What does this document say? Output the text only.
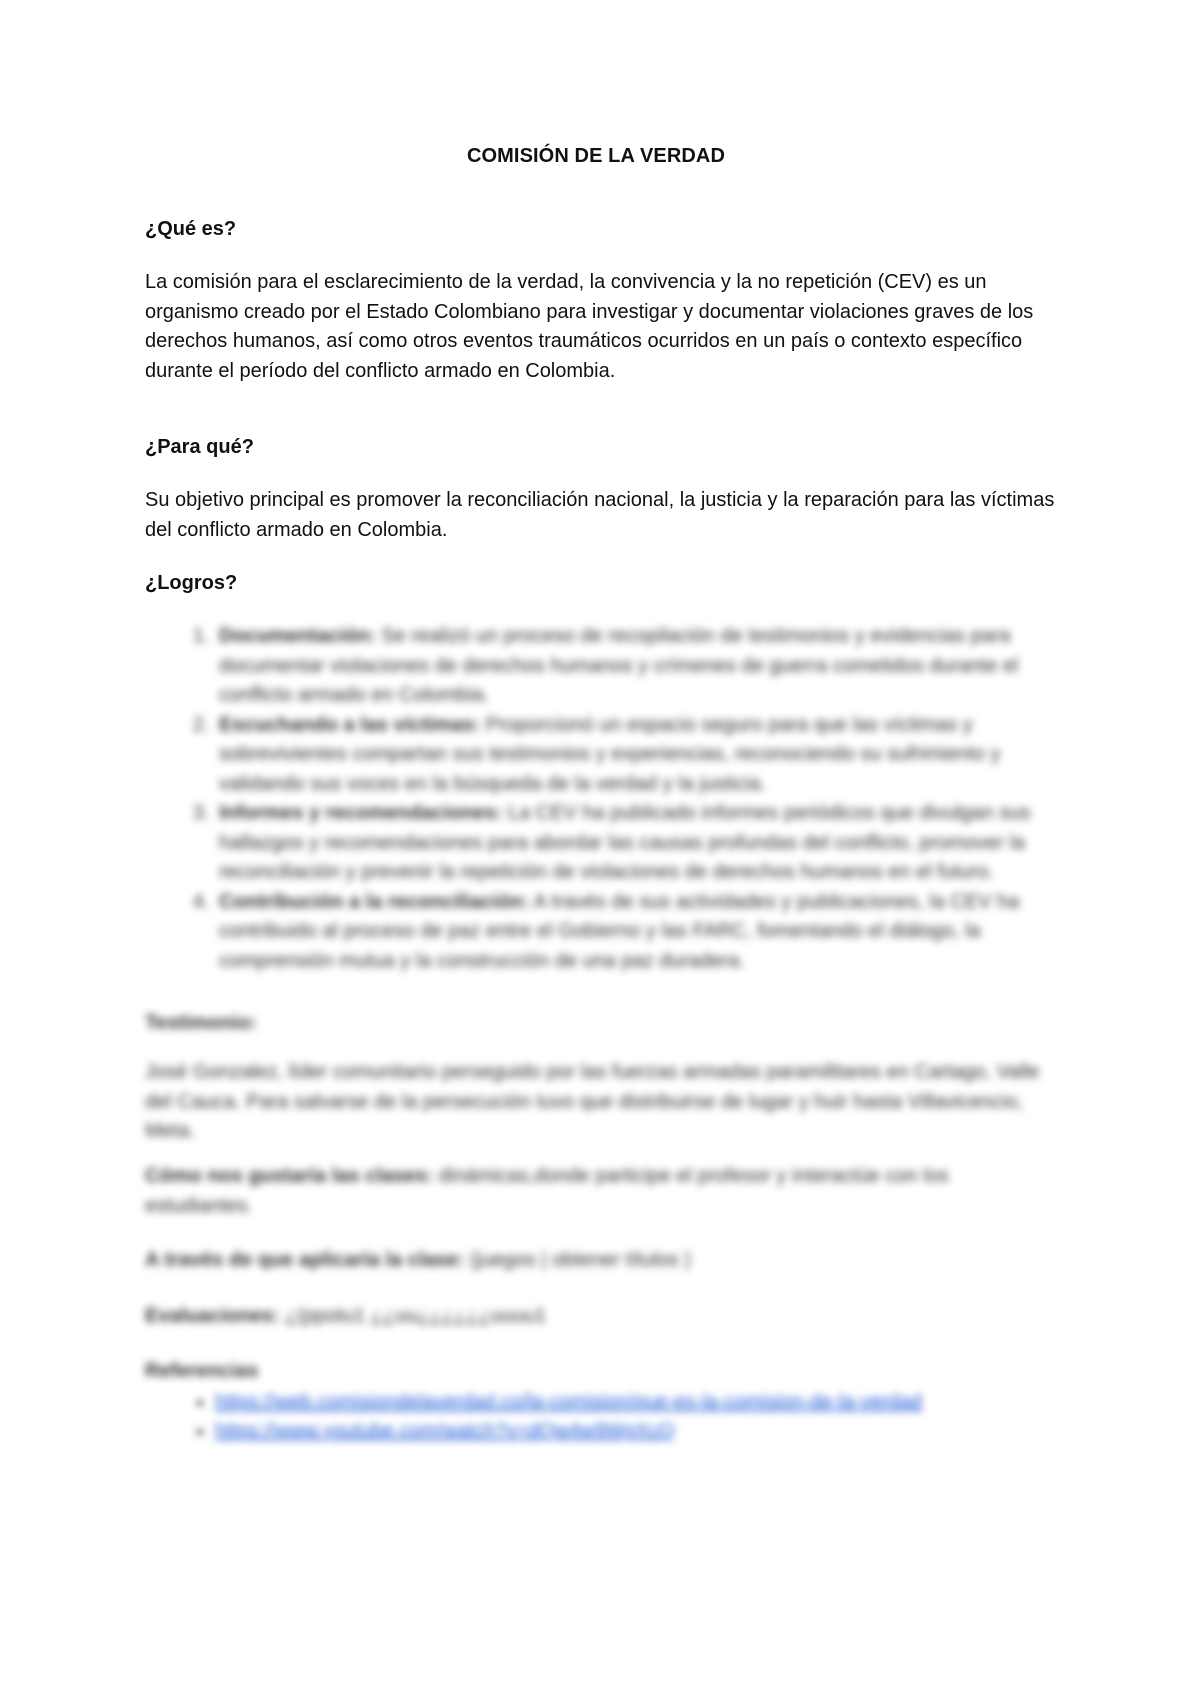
COMISIÓN DE LA VERDAD
¿Qué es?
La comisión para el esclarecimiento de la verdad, la convivencia y la no repetición (CEV) es un organismo creado por el Estado Colombiano para investigar y documentar violaciones graves de los derechos humanos, así como otros eventos traumáticos ocurridos en un país o contexto específico durante el período del conflicto armado en Colombia.
¿Para qué?
Su objetivo principal es promover la reconciliación nacional, la justicia y la reparación para las víctimas del conflicto armado en Colombia.
¿Logros?
1. Documentación: Se realizó un proceso de recopilación de testimonios y evidencias para documentar violaciones de derechos humanos y crímenes de guerra cometidos durante el conflicto armado en Colombia.
2. Escuchando a las víctimas: Proporcionó un espacio seguro para que las víctimas y sobrevivientes compartan sus testimonios y experiencias, reconociendo su sufrimiento y validando sus voces en la búsqueda de la verdad y la justicia.
3. Informes y recomendaciones: La CEV ha publicado informes periódicos que divulgan sus hallazgos y recomendaciones para abordar las causas profundas del conflicto, promover la reconciliación y prevenir la repetición de violaciones de derechos humanos en el futuro.
4. Contribución a la reconciliación: A través de sus actividades y publicaciones, la CEV ha contribuido al proceso de paz entre el Gobierno y las FARC, fomentando el diálogo, la comprensión mutua y la construcción de una paz duradera.
Testimonio:
José Gonzalez, líder comunitario perseguido por las fuerzas armadas paramilitares en Cartago, Valle del Cauca. Para salvarse de la persecución tuvo que distribuirse de lugar y huir hasta Villavicencio, Meta.
Cómo nos gustaría las clases: dinámicas,donde participe el profesor y interactúe con los estudiantes.
A través de que aplicaría la clase: (juegos | obtener títulos )
Evaluaciones: ¿(ppotu1 ¿¿uu¿¿¿¿¿¿uuuu1
Referencias
• https://web.comisiondelaverdad.co/la-comision/que-es-la-comision-de-la-verdad
• https://www.youtube.com/watch?v=dQw4w9WgXcQ
